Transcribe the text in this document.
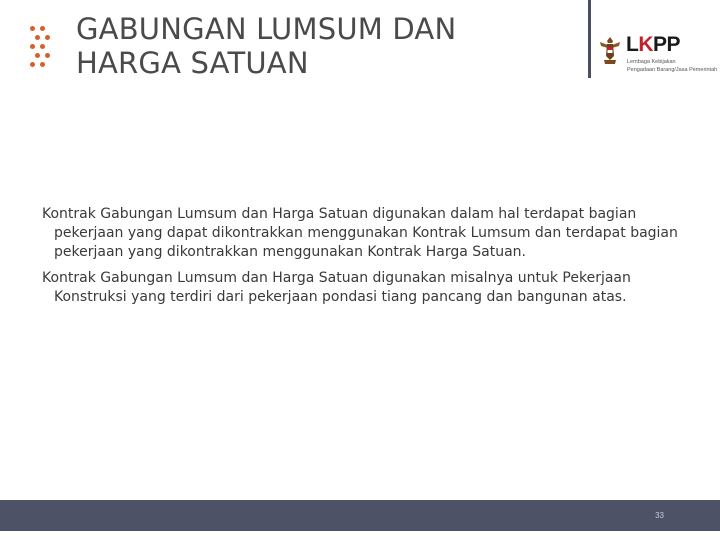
GABUNGAN LUMSUM DAN
HARGA SATUAN
LKPP
Lembaga Kebijakan
Pengadaan Barang/Jasa Pemerintah

Kontrak Gabungan Lumsum dan Harga Satuan digunakan dalam hal terdapat bagian pekerjaan yang dapat dikontrakkan menggunakan Kontrak Lumsum dan terdapat bagian pekerjaan yang dikontrakkan menggunakan Kontrak Harga Satuan.

Kontrak Gabungan Lumsum dan Harga Satuan digunakan misalnya untuk Pekerjaan Konstruksi yang terdiri dari pekerjaan pondasi tiang pancang dan bangunan atas.

33
